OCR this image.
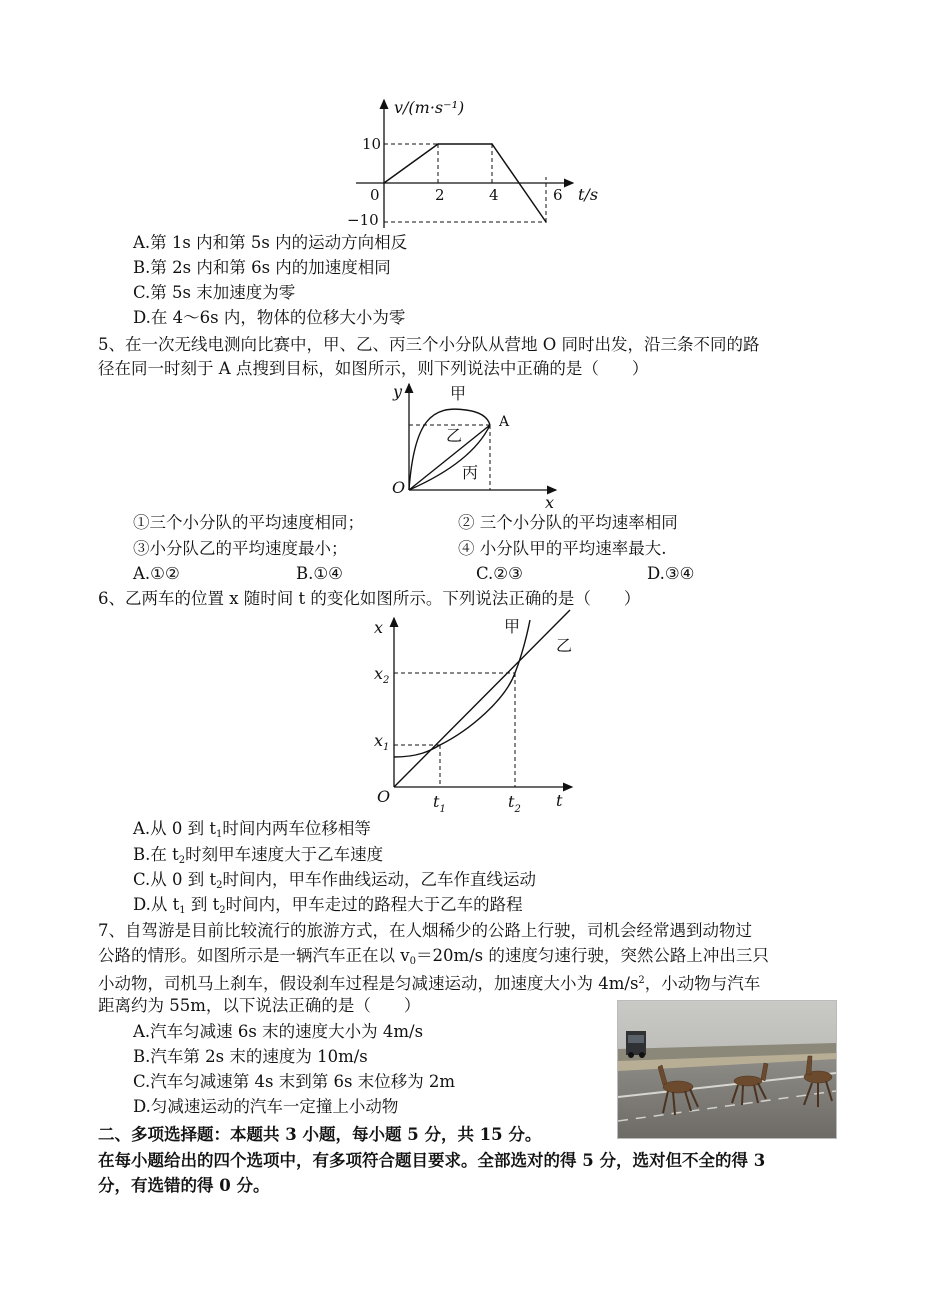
v/(m·s⁻¹)
t/s
0	2	4	6
10
−10
A.第 1s 内和第 5s 内的运动方向相反
B.第 2s 内和第 6s 内的加速度相同
C.第 5s 末加速度为零
D.在 4～6s 内，物体的位移大小为零
5、在一次无线电测向比赛中，甲、乙、丙三个小分队从营地 O 同时出发，沿三条不同的路
径在同一时刻于 A 点搜到目标，如图所示，则下列说法中正确的是（　　）
y
x
O
A
甲
乙
丙
①三个小分队的平均速度相同；	② 三个小分队的平均速率相同
③小分队乙的平均速度最小；	④ 小分队甲的平均速率最大.
A.①②	B.①④	C.②③	D.③④
6、乙两车的位置 x 随时间 t 的变化如图所示。下列说法正确的是（　　）
x
t
O
甲
乙
$x_2$
$x_1$
$t_1$	$t_2$
A.从 0 到 $t_1$时间内两车位移相等
B.在 $t_2$时刻甲车速度大于乙车速度
C.从 0 到 $t_2$时间内，甲车作曲线运动，乙车作直线运动
D.从 $t_1$ 到 $t_2$时间内，甲车走过的路程大于乙车的路程
7、自驾游是目前比较流行的旅游方式，在人烟稀少的公路上行驶，司机会经常遇到动物过
公路的情形。如图所示是一辆汽车正在以 $v_0=20m/s$ 的速度匀速行驶，突然公路上冲出三只
小动物，司机马上刹车，假设刹车过程是匀减速运动，加速度大小为 $4m/s^2$，小动物与汽车
距离约为 55m，以下说法正确的是（　　）
A.汽车匀减速 6s 末的速度大小为 4m/s
B.汽车第 2s 末的速度为 10m/s
C.汽车匀减速第 4s 末到第 6s 末位移为 2m
D.匀减速运动的汽车一定撞上小动物
二、多项选择题：本题共 3 小题，每小题 5 分，共 15 分。
在每小题给出的四个选项中，有多项符合题目要求。全部选对的得 5 分，选对但不全的得 3
分，有选错的得 0 分。
